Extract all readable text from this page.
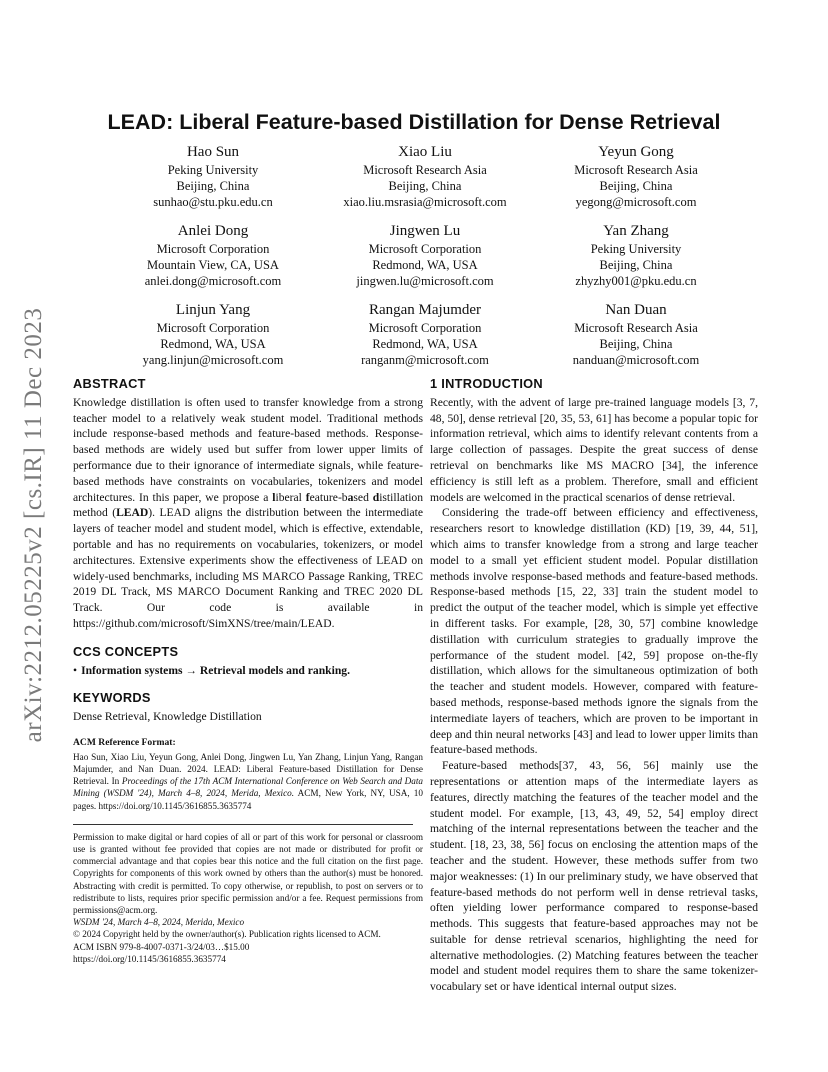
arXiv:2212.05225v2 [cs.IR] 11 Dec 2023
LEAD: Liberal Feature-based Distillation for Dense Retrieval
Hao Sun
Peking University
Beijing, China
sunhao@stu.pku.edu.cn
Xiao Liu
Microsoft Research Asia
Beijing, China
xiao.liu.msrasia@microsoft.com
Yeyun Gong
Microsoft Research Asia
Beijing, China
yegong@microsoft.com
Anlei Dong
Microsoft Corporation
Mountain View, CA, USA
anlei.dong@microsoft.com
Jingwen Lu
Microsoft Corporation
Redmond, WA, USA
jingwen.lu@microsoft.com
Yan Zhang
Peking University
Beijing, China
zhyzhy001@pku.edu.cn
Linjun Yang
Microsoft Corporation
Redmond, WA, USA
yang.linjun@microsoft.com
Rangan Majumder
Microsoft Corporation
Redmond, WA, USA
ranganm@microsoft.com
Nan Duan
Microsoft Research Asia
Beijing, China
nanduan@microsoft.com
ABSTRACT

Knowledge distillation is often used to transfer knowledge from a strong teacher model to a relatively weak student model. Traditional methods include response-based methods and feature-based methods. Response-based methods are widely used but suffer from lower upper limits of performance due to their ignorance of intermediate signals, while feature-based methods have constraints on vocabularies, tokenizers and model architectures. In this paper, we propose a liberal feature-based distillation method (LEAD). LEAD aligns the distribution between the intermediate layers of teacher model and student model, which is effective, extendable, portable and has no requirements on vocabularies, tokenizers, or model architectures. Extensive experiments show the effectiveness of LEAD on widely-used benchmarks, including MS MARCO Passage Ranking, TREC 2019 DL Track, MS MARCO Document Ranking and TREC 2020 DL Track. Our code is available in https://github.com/microsoft/SimXNS/tree/main/LEAD.

CCS CONCEPTS

• Information systems → Retrieval models and ranking.

KEYWORDS

Dense Retrieval, Knowledge Distillation

ACM Reference Format:

Hao Sun, Xiao Liu, Yeyun Gong, Anlei Dong, Jingwen Lu, Yan Zhang, Linjun Yang, Rangan Majumder, and Nan Duan. 2024. LEAD: Liberal Feature-based Distillation for Dense Retrieval. In Proceedings of the 17th ACM International Conference on Web Search and Data Mining (WSDM '24), March 4–8, 2024, Merida, Mexico. ACM, New York, NY, USA, 10 pages. https://doi.org/10.1145/3616855.3635774

Permission to make digital or hard copies of all or part of this work for personal or classroom use is granted without fee provided that copies are not made or distributed for profit or commercial advantage and that copies bear this notice and the full citation on the first page. Copyrights for components of this work owned by others than the author(s) must be honored. Abstracting with credit is permitted. To copy otherwise, or republish, to post on servers or to redistribute to lists, requires prior specific permission and/or a fee. Request permissions from permissions@acm.org.

WSDM '24, March 4–8, 2024, Merida, Mexico
© 2024 Copyright held by the owner/author(s). Publication rights licensed to ACM.
ACM ISBN 979-8-4007-0371-3/24/03…$15.00
https://doi.org/10.1145/3616855.3635774
1 INTRODUCTION

Recently, with the advent of large pre-trained language models [3, 7, 48, 50], dense retrieval [20, 35, 53, 61] has become a popular topic for information retrieval, which aims to identify relevant contents from a large collection of passages. Despite the great success of dense retrieval on benchmarks like MS MACRO [34], the inference efficiency is still left as a problem. Therefore, small and efficient models are welcomed in the practical scenarios of dense retrieval.

Considering the trade-off between efficiency and effectiveness, researchers resort to knowledge distillation (KD) [19, 39, 44, 51], which aims to transfer knowledge from a strong and large teacher model to a small yet efficient student model. Popular distillation methods involve response-based methods and feature-based methods. Response-based methods [15, 22, 33] train the student model to predict the output of the teacher model, which is simple yet effective in different tasks. For example, [28, 30, 57] combine knowledge distillation with curriculum strategies to gradually improve the performance of the student model. [42, 59] propose on-the-fly distillation, which allows for the simultaneous optimization of both the teacher and student models. However, compared with feature-based methods, response-based methods ignore the signals from the intermediate layers of teachers, which are proven to be important in deep and thin neural networks [43] and lead to lower upper limits than feature-based methods.

Feature-based methods[37, 43, 56, 56] mainly use the representations or attention maps of the intermediate layers as features, directly matching the features of the teacher model and the student model. For example, [13, 43, 49, 52, 54] employ direct matching of the internal representations between the teacher and the student. [18, 23, 38, 56] focus on enclosing the attention maps of the teacher and the student. However, these methods suffer from two major weaknesses: (1) In our preliminary study, we have observed that feature-based methods do not perform well in dense retrieval tasks, often yielding lower performance compared to response-based methods. This suggests that feature-based approaches may not be suitable for dense retrieval scenarios, highlighting the need for alternative methodologies. (2) Matching features between the teacher model and student model requires them to share the same tokenizer-vocabulary set or have identical internal output sizes.
